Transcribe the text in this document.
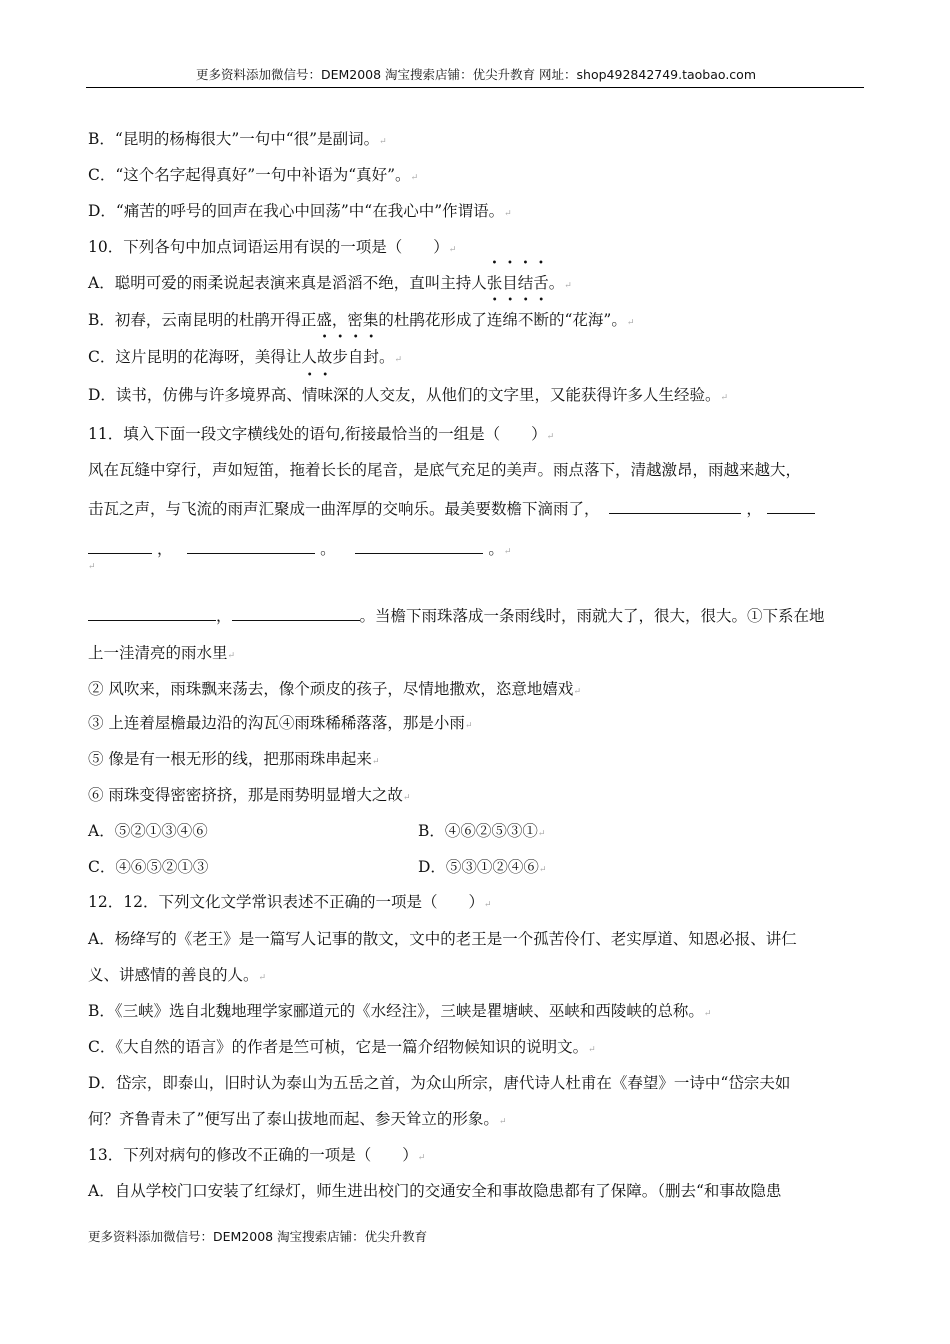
更多资料添加微信号：DEM2008 淘宝搜索店铺：优尖升教育 网址：shop492842749.taobao.com
B．“昆明的杨梅很大”一句中“很”是副词。↵
C．“这个名字起得真好”一句中补语为“真好”。↵
D．“痛苦的呼号的回声在我心中回荡”中“在我心中”作谓语。↵
10．下列各句中加点词语运用有误的一项是（　　）↵
A．聪明可爱的雨柔说起表演来真是滔滔不绝，直叫主持人张目结舌。↵
B．初春，云南昆明的杜鹃开得正盛，密集的杜鹃花形成了连绵不断的“花海”。↵
C．这片昆明的花海呀，美得让人故步自封。↵
D．读书，仿佛与许多境界高、情味深的人交友，从他们的文字里，又能获得许多人生经验。↵
11．填入下面一段文字横线处的语句,衔接最恰当的一组是（　　）↵
风在瓦缝中穿行，声如短笛，拖着长长的尾音，是底气充足的美声。雨点落下，清越激昂，雨越来越大，
击瓦之声，与飞流的雨声汇聚成一曲浑厚的交响乐。最美要数檐下滴雨了，	，
，	。	。↵
↵
，	。当檐下雨珠落成一条雨线时，雨就大了，很大，很大。①下系在地
上一洼清亮的雨水里↵
② 风吹来，雨珠飘来荡去，像个顽皮的孩子，尽情地撒欢，恣意地嬉戏↵
③ 上连着屋檐最边沿的沟瓦④雨珠稀稀落落，那是小雨↵
⑤ 像是有一根无形的线，把那雨珠串起来↵
⑥ 雨珠变得密密挤挤，那是雨势明显增大之故↵
A．⑤②①③④⑥	B．④⑥②⑤③①↵
C．④⑥⑤②①③	D．⑤③①②④⑥↵
12．12．下列文化文学常识表述不正确的一项是（　　）↵
A．杨绛写的《老王》是一篇写人记事的散文，文中的老王是一个孤苦伶仃、老实厚道、知恩必报、讲仁
义、讲感情的善良的人。↵
B．《三峡》选自北魏地理学家郦道元的《水经注》，三峡是瞿塘峡、巫峡和西陵峡的总称。↵
C．《大自然的语言》的作者是竺可桢，它是一篇介绍物候知识的说明文。↵
D．岱宗，即泰山，旧时认为泰山为五岳之首，为众山所宗，唐代诗人杜甫在《春望》一诗中“岱宗夫如
何？齐鲁青未了”便写出了泰山拔地而起、参天耸立的形象。↵
13．下列对病句的修改不正确的一项是（　　）↵
A．自从学校门口安装了红绿灯，师生进出校门的交通安全和事故隐患都有了保障。（删去“和事故隐患
更多资料添加微信号：DEM2008 淘宝搜索店铺：优尖升教育
